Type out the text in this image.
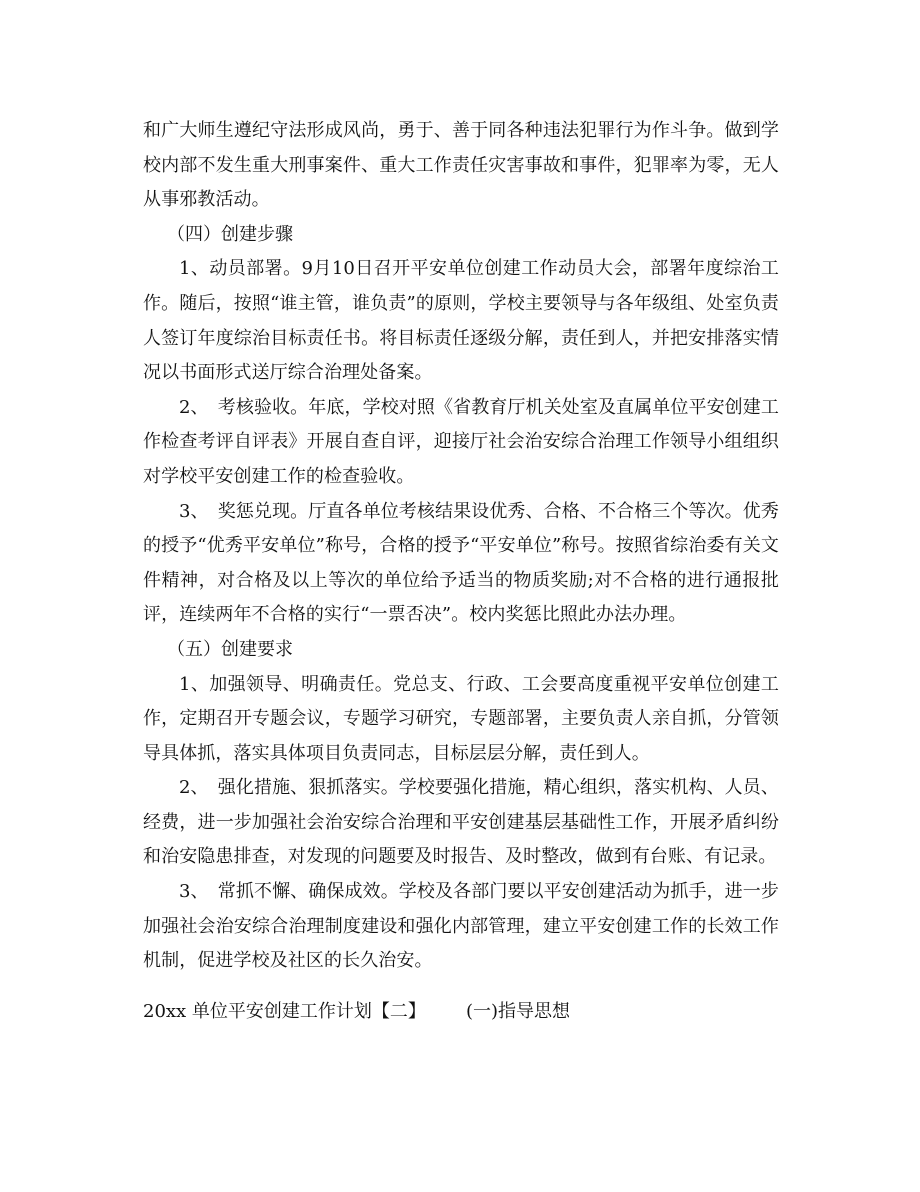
和广大师生遵纪守法形成风尚，勇于、善于同各种违法犯罪行为作斗争。做到学校内部不发生重大刑事案件、重大工作责任灾害事故和事件，犯罪率为零，无人从事邪教活动。

（四）创建步骤

1、动员部署。9月10日召开平安单位创建工作动员大会，部署年度综治工作。随后，按照“谁主管，谁负责”的原则，学校主要领导与各年级组、处室负责人签订年度综治目标责任书。将目标责任逐级分解，责任到人，并把安排落实情况以书面形式送厅综合治理处备案。

2、　考核验收。年底，学校对照《省教育厅机关处室及直属单位平安创建工作检查考评自评表》开展自查自评，迎接厅社会治安综合治理工作领导小组组织对学校平安创建工作的检查验收。

3、　奖惩兑现。厅直各单位考核结果设优秀、合格、不合格三个等次。优秀的授予“优秀平安单位”称号，合格的授予“平安单位”称号。按照省综治委有关文件精神，对合格及以上等次的单位给予适当的物质奖励;对不合格的进行通报批评，连续两年不合格的实行“一票否决”。校内奖惩比照此办法办理。

（五）创建要求

1、加强领导、明确责任。党总支、行政、工会要高度重视平安单位创建工作，定期召开专题会议，专题学习研究，专题部署，主要负责人亲自抓，分管领导具体抓，落实具体项目负责同志，目标层层分解，责任到人。

2、　强化措施、狠抓落实。学校要强化措施，精心组织，落实机构、人员、经费，进一步加强社会治安综合治理和平安创建基层基础性工作，开展矛盾纠纷和治安隐患排查，对发现的问题要及时报告、及时整改，做到有台账、有记录。

3、　常抓不懈、确保成效。学校及各部门要以平安创建活动为抓手，进一步加强社会治安综合治理制度建设和强化内部管理，建立平安创建工作的长效工作机制，促进学校及社区的长久治安。

20xx 单位平安创建工作计划【二】 (一)指导思想
